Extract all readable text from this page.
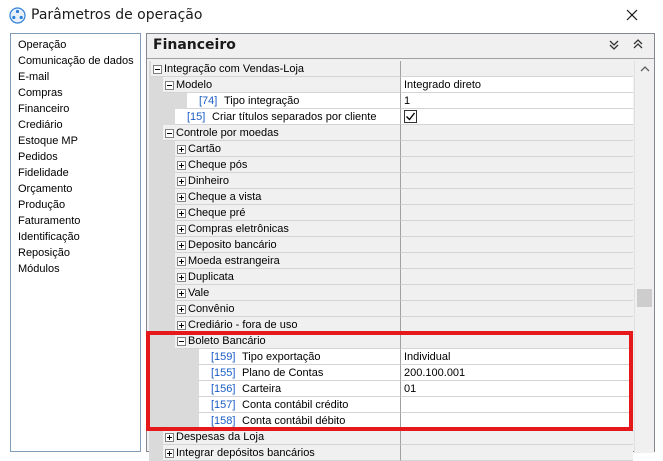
Parâmetros de operação
Operação
Comunicação de dados
E-mail
Compras
Financeiro
Crediário
Estoque MP
Pedidos
Fidelidade
Orçamento
Produção
Faturamento
Identificação
Reposição
Módulos
Financeiro
Integração com Vendas-Loja
Modelo	Integrado direto
[74] Tipo integração	1
[15] Criar títulos separados por cliente
Controle por moedas
Cartão
Cheque pós
Dinheiro
Cheque a vista
Cheque pré
Compras eletrônicas
Deposito bancário
Moeda estrangeira
Duplicata
Vale
Convênio
Crediário - fora de uso
Boleto Bancário
[159] Tipo exportação	Individual
[155] Plano de Contas	200.100.001
[156] Carteira	01
[157] Conta contábil crédito
[158] Conta contábil débito
Despesas da Loja
Integrar depósitos bancários
